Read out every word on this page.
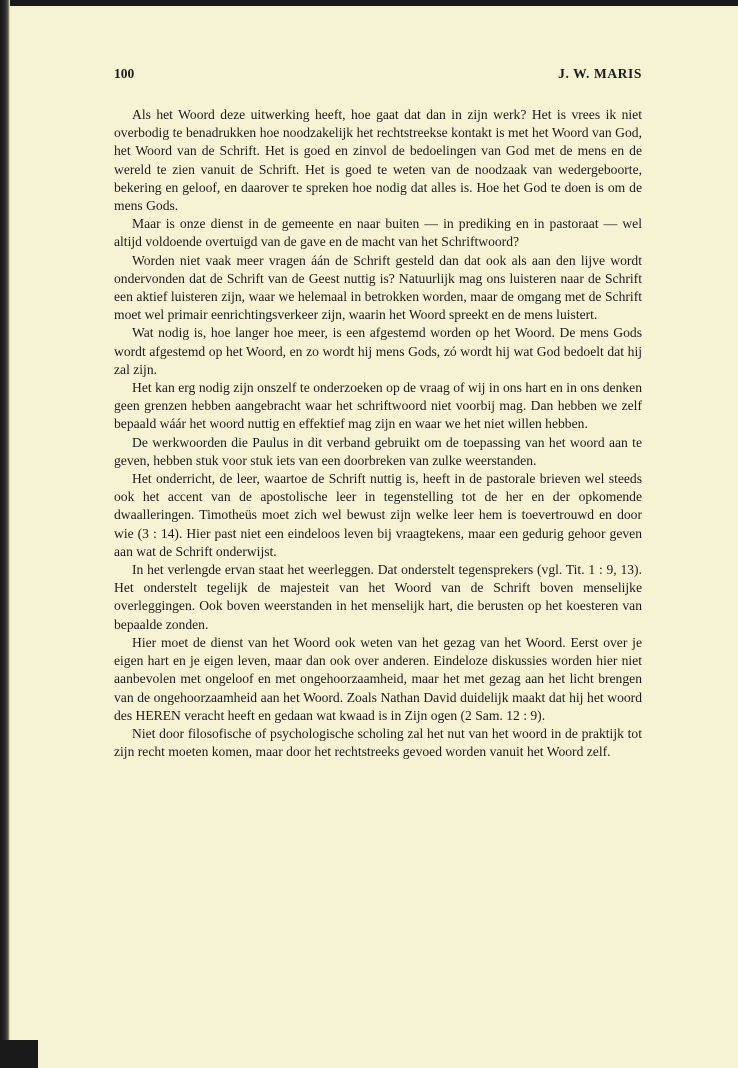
100	J. W. MARIS

Als het Woord deze uitwerking heeft, hoe gaat dat dan in zijn werk? Het is vrees ik niet overbodig te benadrukken hoe noodzakelijk het rechtstreekse kontakt is met het Woord van God, het Woord van de Schrift. Het is goed en zinvol de bedoelingen van God met de mens en de wereld te zien vanuit de Schrift. Het is goed te weten van de noodzaak van wedergeboorte, bekering en geloof, en daarover te spreken hoe nodig dat alles is. Hoe het God te doen is om de mens Gods.

Maar is onze dienst in de gemeente en naar buiten — in prediking en in pastoraat — wel altijd voldoende overtuigd van de gave en de macht van het Schriftwoord?

Worden niet vaak meer vragen áán de Schrift gesteld dan dat ook als aan den lijve wordt ondervonden dat de Schrift van de Geest nuttig is? Natuurlijk mag ons luisteren naar de Schrift een aktief luisteren zijn, waar we helemaal in betrokken worden, maar de omgang met de Schrift moet wel primair eenrichtingsverkeer zijn, waarin het Woord spreekt en de mens luistert.

Wat nodig is, hoe langer hoe meer, is een afgestemd worden op het Woord. De mens Gods wordt afgestemd op het Woord, en zo wordt hij mens Gods, zó wordt hij wat God bedoelt dat hij zal zijn.

Het kan erg nodig zijn onszelf te onderzoeken op de vraag of wij in ons hart en in ons denken geen grenzen hebben aangebracht waar het schriftwoord niet voorbij mag. Dan hebben we zelf bepaald wáár het woord nuttig en effektief mag zijn en waar we het niet willen hebben.

De werkwoorden die Paulus in dit verband gebruikt om de toepassing van het woord aan te geven, hebben stuk voor stuk iets van een doorbreken van zulke weerstanden.

Het onderricht, de leer, waartoe de Schrift nuttig is, heeft in de pastorale brieven wel steeds ook het accent van de apostolische leer in tegenstelling tot de her en der opkomende dwaalleringen. Timotheüs moet zich wel bewust zijn welke leer hem is toevertrouwd en door wie (3 : 14). Hier past niet een eindeloos leven bij vraagtekens, maar een gedurig gehoor geven aan wat de Schrift onderwijst.

In het verlengde ervan staat het weerleggen. Dat onderstelt tegensprekers (vgl. Tit. 1 : 9, 13). Het onderstelt tegelijk de majesteit van het Woord van de Schrift boven menselijke overleggingen. Ook boven weerstanden in het menselijk hart, die berusten op het koesteren van bepaalde zonden.

Hier moet de dienst van het Woord ook weten van het gezag van het Woord. Eerst over je eigen hart en je eigen leven, maar dan ook over anderen. Eindeloze diskussies worden hier niet aanbevolen met ongeloof en met ongehoorzaamheid, maar het met gezag aan het licht brengen van de ongehoorzaamheid aan het Woord. Zoals Nathan David duidelijk maakt dat hij het woord des HEREN veracht heeft en gedaan wat kwaad is in Zijn ogen (2 Sam. 12 : 9).

Niet door filosofische of psychologische scholing zal het nut van het woord in de praktijk tot zijn recht moeten komen, maar door het rechtstreeks gevoed worden vanuit het Woord zelf.
